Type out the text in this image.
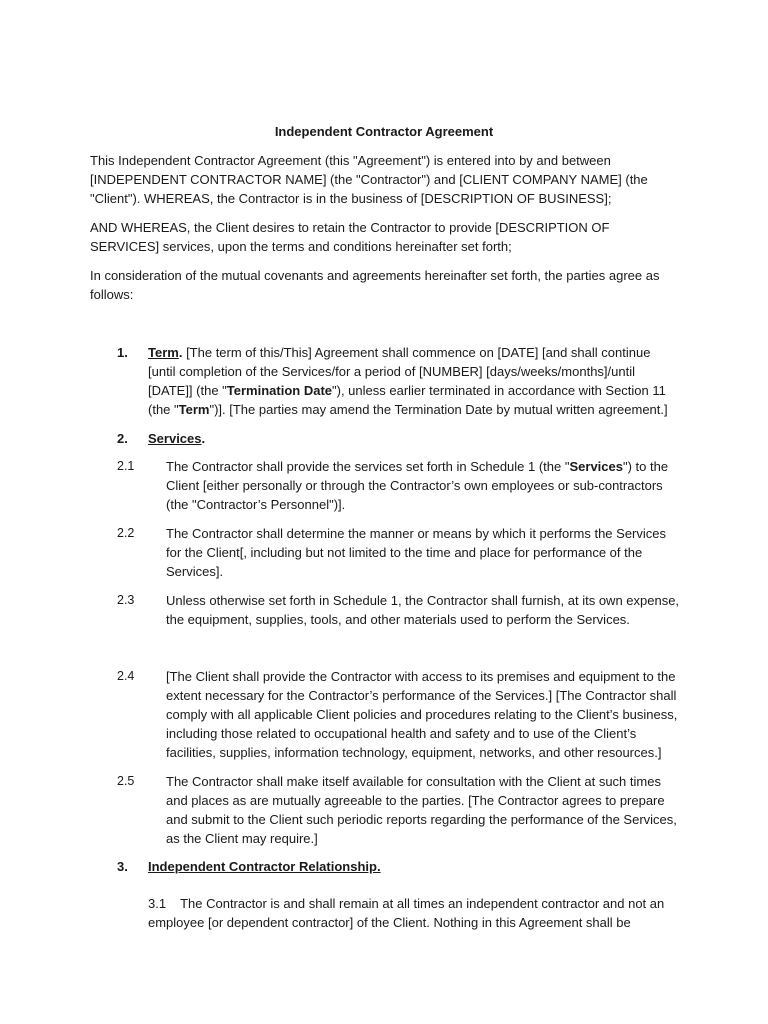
Independent Contractor Agreement
This Independent Contractor Agreement (this "Agreement") is entered into by and between [INDEPENDENT CONTRACTOR NAME] (the "Contractor") and [CLIENT COMPANY NAME] (the "Client"). WHEREAS, the Contractor is in the business of [DESCRIPTION OF BUSINESS];
AND WHEREAS, the Client desires to retain the Contractor to provide [DESCRIPTION OF SERVICES] services, upon the terms and conditions hereinafter set forth;
In consideration of the mutual covenants and agreements hereinafter set forth, the parties agree as follows:
1. Term. [The term of this/This] Agreement shall commence on [DATE] [and shall continue [until completion of the Services/for a period of [NUMBER] [days/weeks/months]/until [DATE]] (the "Termination Date"), unless earlier terminated in accordance with Section 11 (the "Term")]. [The parties may amend the Termination Date by mutual written agreement.]
2. Services.
2.1 The Contractor shall provide the services set forth in Schedule 1 (the "Services") to the Client [either personally or through the Contractor’s own employees or sub-contractors (the "Contractor’s Personnel")].
2.2 The Contractor shall determine the manner or means by which it performs the Services for the Client[, including but not limited to the time and place for performance of the Services].
2.3 Unless otherwise set forth in Schedule 1, the Contractor shall furnish, at its own expense, the equipment, supplies, tools, and other materials used to perform the Services.
2.4 [The Client shall provide the Contractor with access to its premises and equipment to the extent necessary for the Contractor’s performance of the Services.] [The Contractor shall comply with all applicable Client policies and procedures relating to the Client’s business, including those related to occupational health and safety and to use of the Client’s facilities, supplies, information technology, equipment, networks, and other resources.]
2.5 The Contractor shall make itself available for consultation with the Client at such times and places as are mutually agreeable to the parties. [The Contractor agrees to prepare and submit to the Client such periodic reports regarding the performance of the Services, as the Client may require.]
3. Independent Contractor Relationship.
3.1 The Contractor is and shall remain at all times an independent contractor and not an employee [or dependent contractor] of the Client. Nothing in this Agreement shall be
